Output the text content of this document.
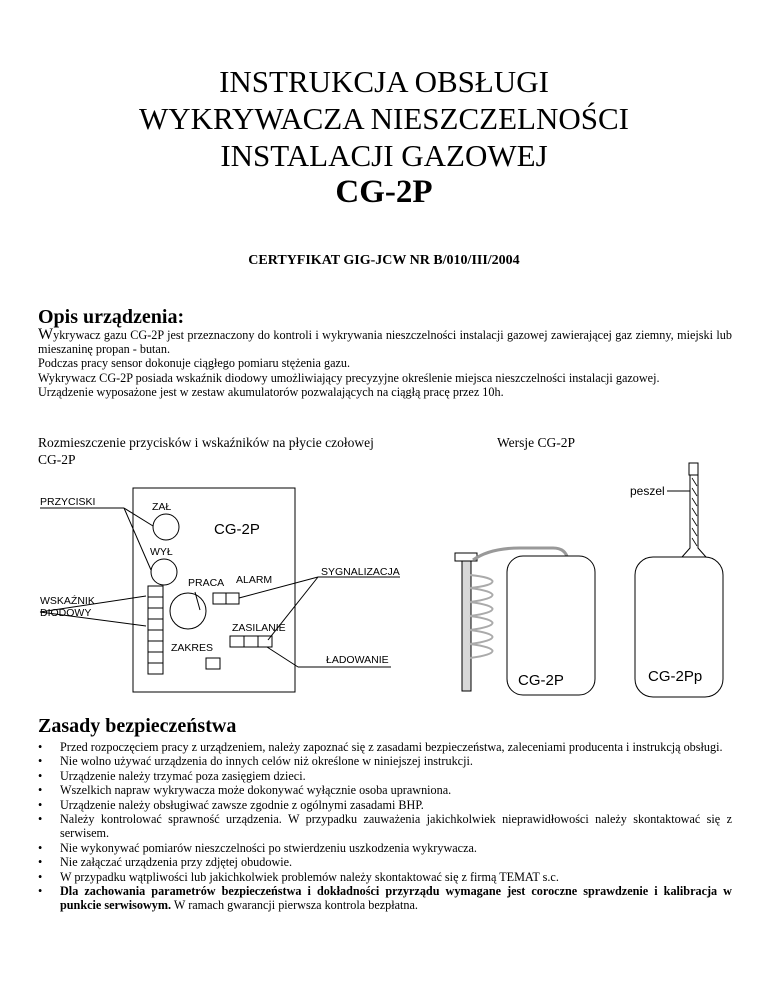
INSTRUKCJA OBSŁUGI
WYKRYWACZA NIESZCZELNOŚCI
INSTALACJI GAZOWEJ
CG-2P
CERTYFIKAT GIG-JCW NR B/010/III/2004
Opis urządzenia:

Wykrywacz gazu CG-2P jest przeznaczony do kontroli i wykrywania nieszczelności instalacji gazowej zawierającej gaz ziemny, miejski lub mieszaninę propan - butan.

Podczas pracy sensor dokonuje ciągłego pomiaru stężenia gazu.

Wykrywacz CG-2P posiada wskaźnik diodowy umożliwiający precyzyjne określenie miejsca nieszczelności instalacji gazowej.

Urządzenie wyposażone jest w zestaw akumulatorów pozwalających na ciągłą pracę przez 10h.

Rozmieszczenie przycisków i wskaźników na płycie czołowej CG-2P
Wersje CG-2P
PRZYCISKI	ZAŁ
CG-2P
WYŁ
PRACA ALARM
SYGNALIZACJA
WSKAŹNIK
DIODOWY
ZASILANIE
ZAKRES
ŁADOWANIE
peszel
CG-2P	CG-2Pp
Zasady bezpieczeństwa
• Przed rozpoczęciem pracy z urządzeniem, należy zapoznać się z zasadami bezpieczeństwa, zaleceniami producenta i instrukcją obsługi.
• Nie wolno używać urządzenia do innych celów niż określone w niniejszej instrukcji.
• Urządzenie należy trzymać poza zasięgiem dzieci.
• Wszelkich napraw wykrywacza może dokonywać wyłącznie osoba uprawniona.
• Urządzenie należy obsługiwać zawsze zgodnie z ogólnymi zasadami BHP.
• Należy kontrolować sprawność urządzenia. W przypadku zauważenia jakichkolwiek nieprawidłowości należy skontaktować się z serwisem.
• Nie wykonywać pomiarów nieszczelności po stwierdzeniu uszkodzenia wykrywacza.
• Nie załączać urządzenia przy zdjętej obudowie.
• W przypadku wątpliwości lub jakichkolwiek problemów należy skontaktować się z firmą TEMAT s.c.
• Dla zachowania parametrów bezpieczeństwa i dokładności przyrządu wymagane jest coroczne sprawdzenie i kalibracja w punkcie serwisowym. W ramach gwarancji pierwsza kontrola bezpłatna.
